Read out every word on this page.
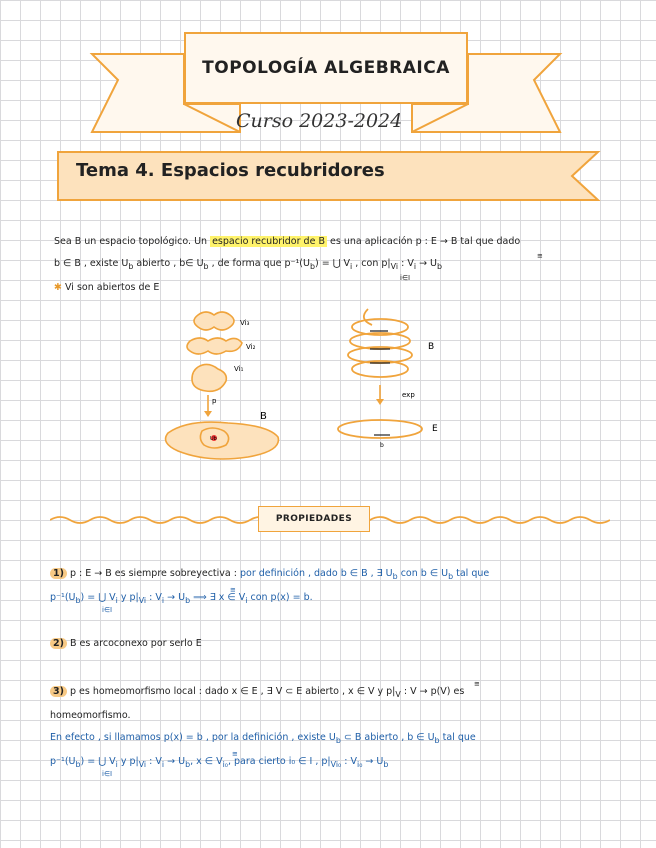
TOPOLOGÍA ALGEBRAICA
Curso 2023-2024
Tema 4. Espacios recubridores
Sea B un espacio topológico. Un espacio recubridor de B es una aplicación p : E → B tal que dado
b ∈ B , existe $U_b$ abierto , b∈ $U_b$ , de forma que $p^{-1}(U_b)$ = ⋃ $V_i$ , con $p|_{Vi}$ : $V_i \to U_b$
i∈I
≅
✱ Vi son abiertos de E
Vi₃
Vi₂
Vi₁
p
B
Ub
B
exp
E
b
PROPIEDADES
1) p : E → B es siempre sobreyectiva : por definición , dado b ∈ B , ∃ $U_b$ con b ∈ $U_b$ tal que
$p^{-1}(U_b)$ = ⋃ $V_i$ y $p|_{Vi}$ : $V_i \to U_b$ ⟹ ∃ x ∈ $V_i$ con p(x) = b.
i∈I
≅
2) B es arcoconexo por serlo E
3) p es homeomorfismo local : dado x ∈ E , ∃ V ⊂ E abierto , x ∈ V y $p|_V$ : V → p(V) es
≅
homeomorfismo.
En efecto , si llamamos p(x) = b , por la definición , existe $U_b$ ⊂ B abierto , b ∈ $U_b$ tal que
$p^{-1}(U_b)$ = ⋃ $V_i$ y $p|_{Vi}$ : $V_i \to U_b$, x ∈ $V_{i_0}$, para cierto i₀ ∈ I , $p|_{Vi_0}$ : $V_{i_0} \to U_b$
i∈I
≅
